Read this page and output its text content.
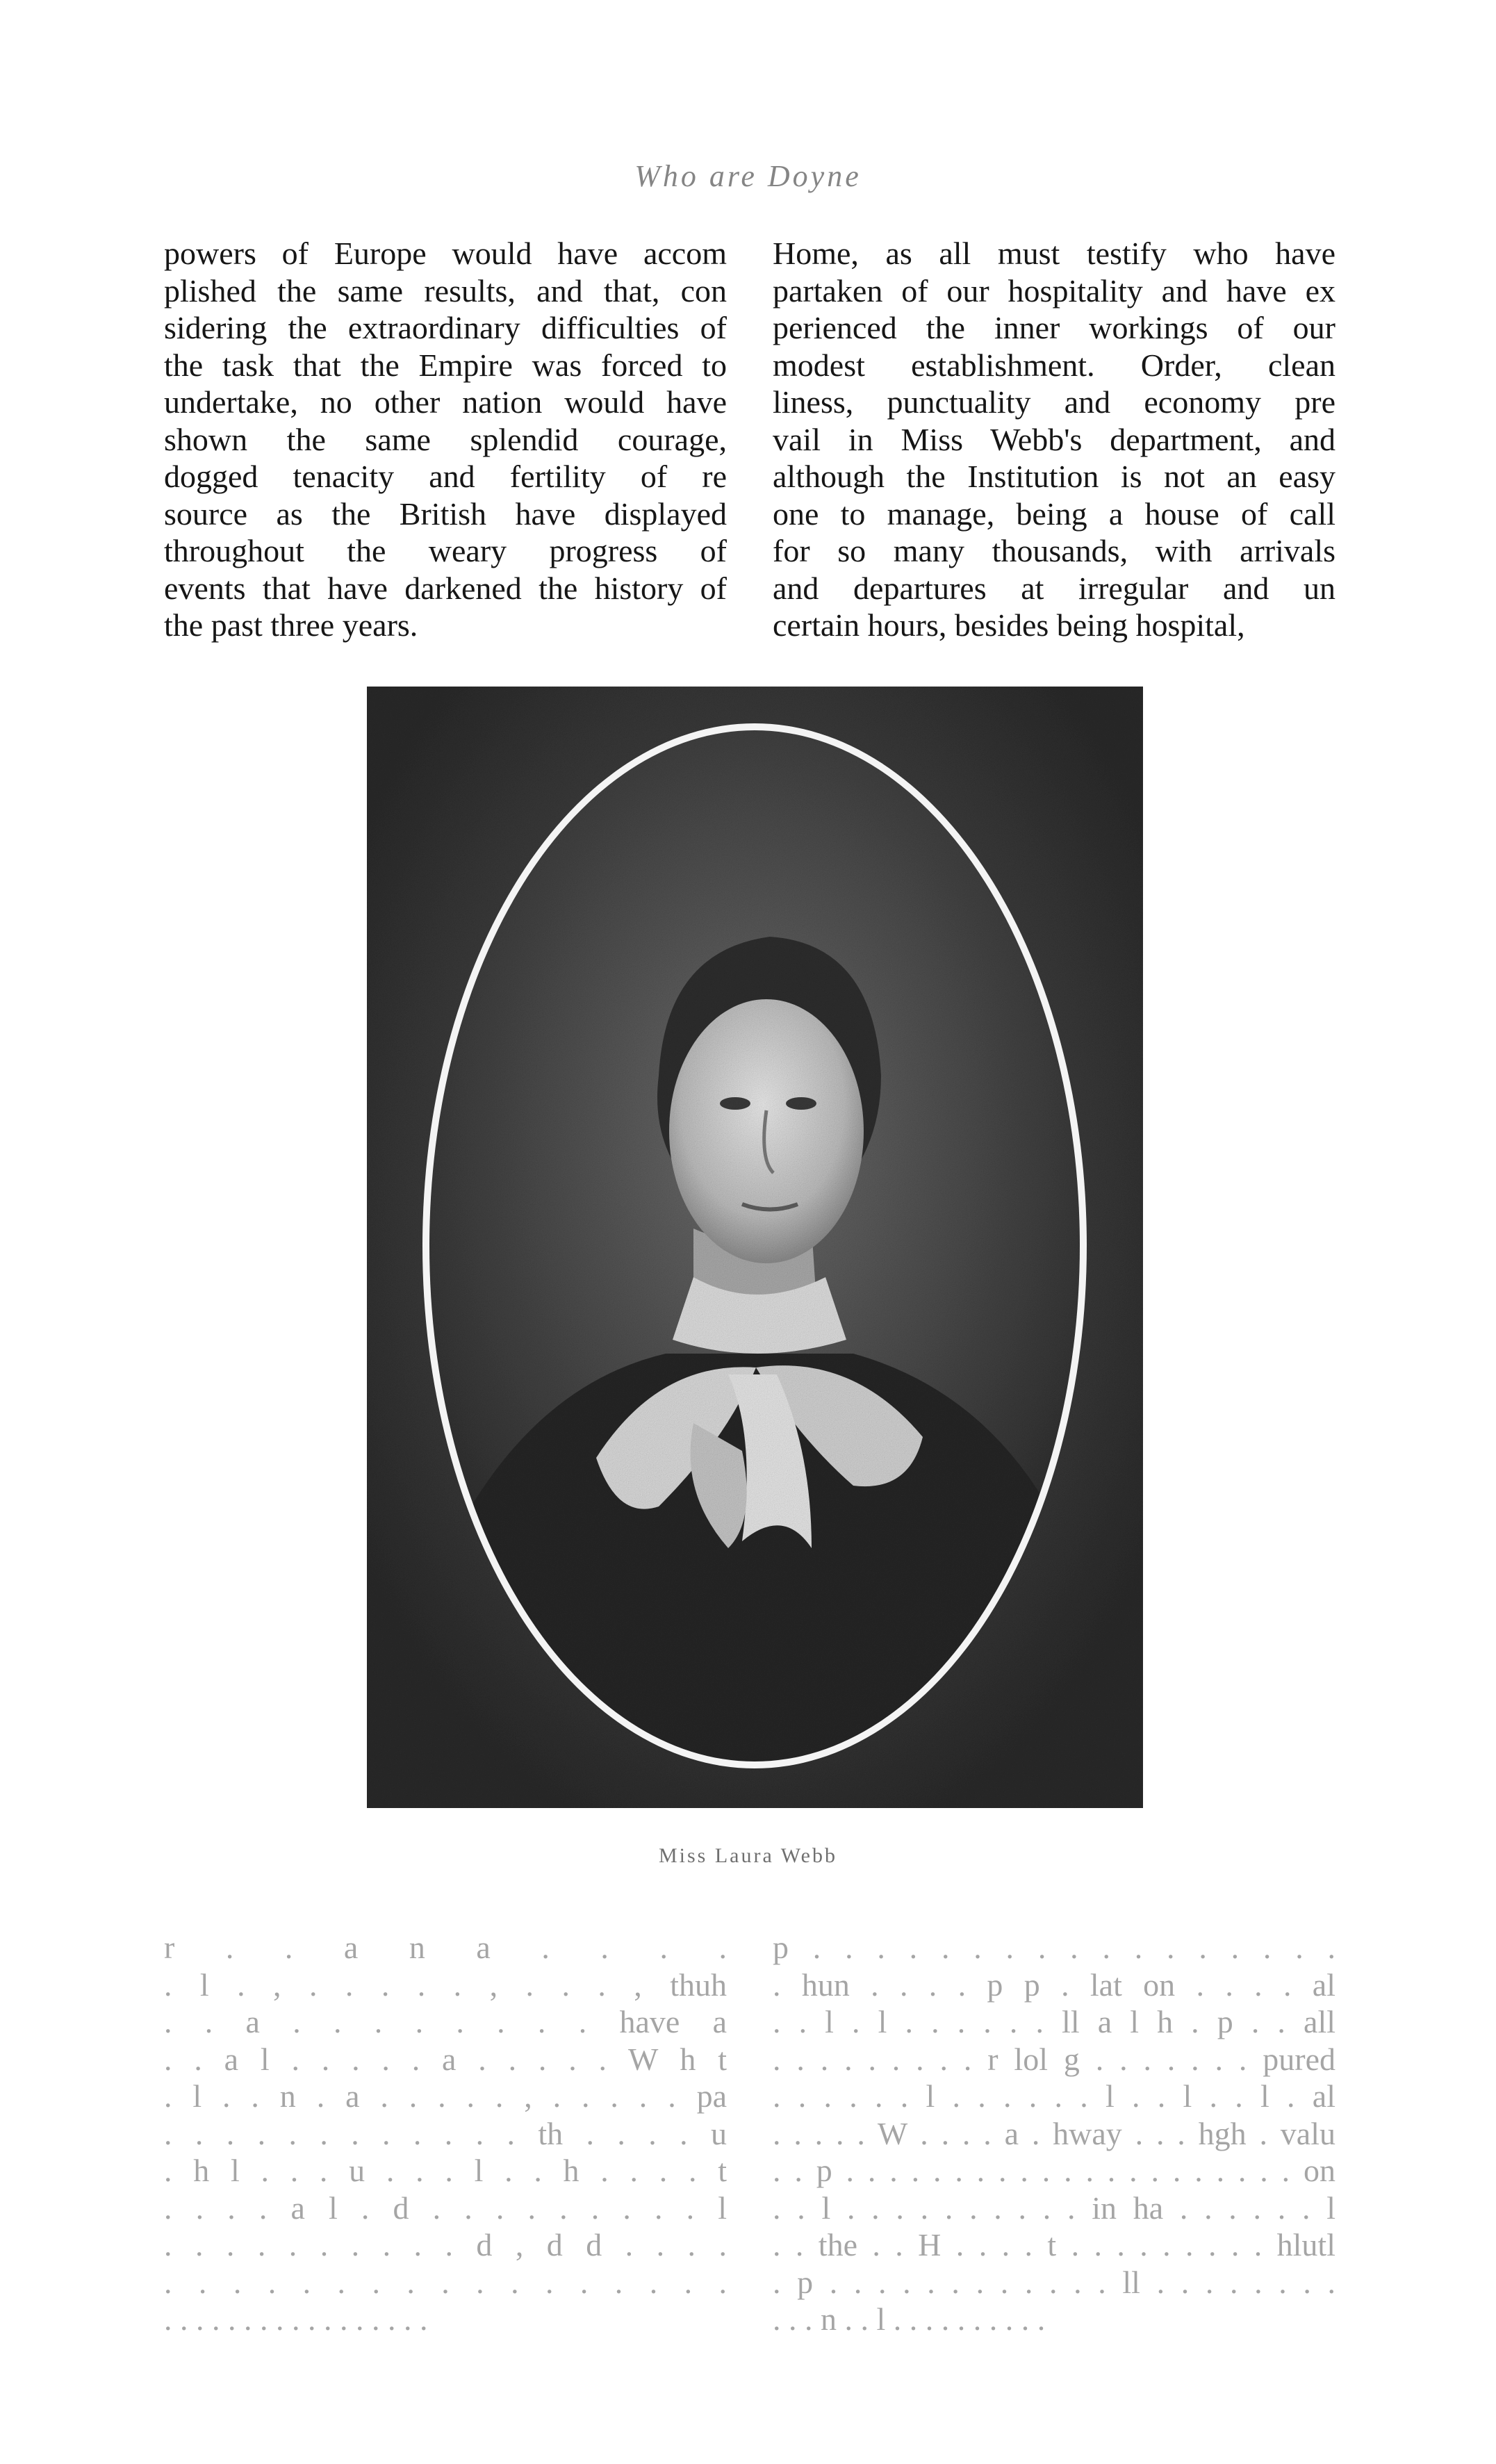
Who are Doyne
powers of Europe would have accom
plished the same results, and that, con
sidering the extraordinary difficulties of
the task that the Empire was forced to
undertake, no other nation would have
shown the same splendid courage,
dogged tenacity and fertility of re
source as the British have displayed
throughout the weary progress of
events that have darkened the history of
the past three years.
Home, as all must testify who have
partaken of our hospitality and have ex
perienced the inner workings of our
modest establishment. Order, clean
liness, punctuality and economy pre
vail in Miss Webb's department, and
although the Institution is not an easy
one to manage, being a house of call
for so many thousands, with arrivals
and departures at irregular and un
certain hours, besides being hospital,
Miss Laura Webb
r . . a n a . . . .
. l . , . . . . . , . . . , thuh
. . a . . . . . . . . have a
. . a l . . . . . a . . . . . W h t
. l . . n . a . . . . . , . . . . . pa
. . . . . . . . . . . . th . . . . u
. h l . . . u . . . l . . h . . . . t
. . . . a l . d . . . . . . . . . l
. . . . . . . . . . d , d d . . . .
. . . . . . . . . . . . . . . . .
. . . . . . . . . . . . . . . . .
p . . . . . . . . . . . . . . . . .
. hun . . . . p p . lat on . . . . al
. . l . l . . . . . . ll a l h . p . . all
. . . . . . . . . r lol g . . . . . . . pured
. . . . . . l . . . . . . l . . l . . l . al
. . . . . W . . . . a . hway . . . hgh . valu
. . p . . . . . . . . . . . . . . . . . . . . . on
. . l . . . . . . . . . . in ha . . . . . . l
. . the . . H . . . . t . . . . . . . . . hlutl
. p . . . . . . . . . . . . ll . . . . . . . .
. . . n . . l . . . . . . . . . .
